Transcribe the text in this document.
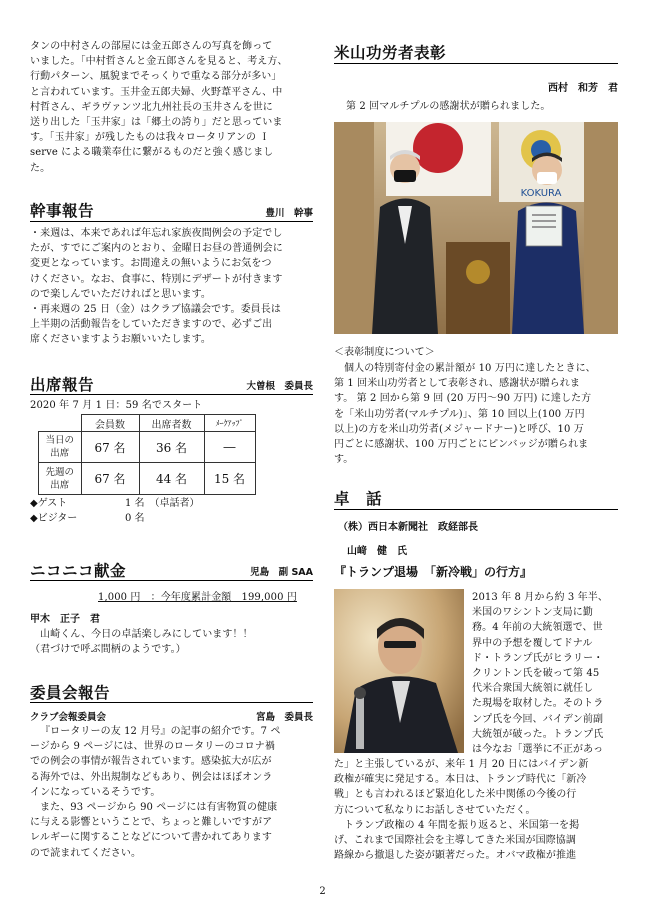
タンの中村さんの部屋には金五郎さんの写真を飾って

いました。「中村哲さんと金五郎さんを見ると、考え方、

行動パターン、風貌までそっくりで重なる部分が多い」

と言われています。玉井金五郎夫婦、火野葦平さん、中

村哲さん、ギラヴァンツ北九州社長の玉井さんを世に

送り出した「玉井家」は「郷土の誇り」だと思っていま

す。「玉井家」が残したものは我々ロータリアンの Ｉ

serve による職業奉仕に繋がるものだと強く感じまし

た。

幹事報告	豊川　幹事

・来週は、本来であれば年忘れ家族夜間例会の予定でし

たが、すでにご案内のとおり、金曜日お昼の普通例会に

変更となっています。お間違えの無いようにお気をつ

けください。なお、食事に、特別にデザートが付きます

ので楽しんでいただければと思います。

・再来週の 25 日（金）はクラブ協議会です。委員長は

上半期の活動報告をしていただきますので、必ずご出

席くださいますようお願いいたします。

出席報告	大曽根　委員長

2020 年 7 月 1 日：59 名でスタート

	会員数	出席者数	ﾒｰｸｱｯﾌﾟ

当日の
出席	67 名	36 名	―

先週の
出席	67 名	44 名	15 名
◆ゲスト	1 名　（卓話者）
◆ビジター	0 名
ニコニコ献金	児島　副 SAA

1,000 円　：今年度累計金額　199,000 円

甲木　正子　君

山崎くん、今日の卓話楽しみにしています！！

（君づけで呼ぶ間柄のようです。）

委員会報告
クラブ会報委員会	宮島　委員長

『ロータリーの友 12 月号』の記事の紹介です。7 ペ

ージから 9 ページには、世界のロータリーのコロナ禍

での例会の事情が報告されています。感染拡大が広が

る海外では、外出規制などもあり、例会はほぼオンラ

インになっているそうです。

また、93 ページから 90 ページには有害物質の健康

に与える影響ということで、ちょっと難しいですがア

レルギーに関することなどについて書かれてあります

ので読まれてください。

米山功労者表彰
西村　和芳　君

第 2 回マルチプルの感謝状が贈られました。

KOKURA

＜表彰制度について＞

個人の特別寄付金の累計額が 10 万円に達したときに、

第 1 回米山功労者として表彰され、感謝状が贈られま

す。 第 2 回から第 9 回 (20 万円～90 万円) に達した方

を「米山功労者(マルチプル)」、第 10 回以上(100 万円

以上)の方を米山功労者(メジャードナー)と呼び、10 万

円ごとに感謝状、100 万円ごとにピンバッジが贈られま

す。

卓　話
（株）西日本新聞社　政経部長
山﨑　健　氏
『トランプ退場　「新冷戦」の行方』

2013 年 8 月から約 3 年半、

米国のワシントン支局に勤

務。4 年前の大統領選で、世

界中の予想を覆してドナル

ド・トランプ氏がヒラリー・

クリントン氏を破って第 45

代米合衆国大統領に就任し

た現場を取材した。そのトラ

ンプ氏を今回、バイデン前副

大統領が破った。トランプ氏

は今なお「選挙に不正があっ

た」と主張しているが、来年 1 月 20 日にはバイデン新

政権が確実に発足する。本日は、トランプ時代に「新冷

戦」とも言われるほど緊迫化した米中関係の今後の行

方について私なりにお話しさせていただく。

トランプ政権の 4 年間を振り返ると、米国第一を掲

げ、これまで国際社会を主導してきた米国が国際協調

路線から撤退した姿が顕著だった。オバマ政権が推進

2
